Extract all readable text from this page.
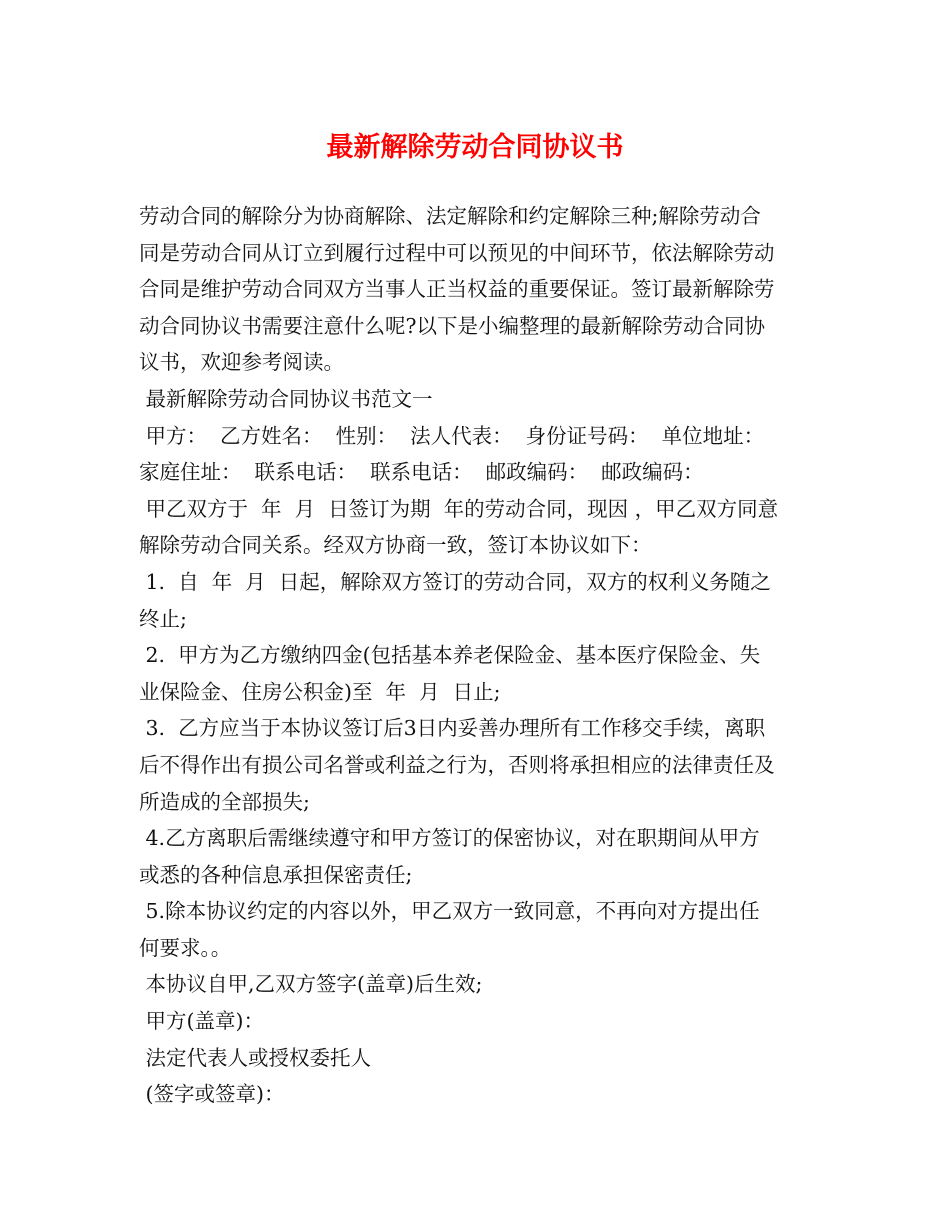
最新解除劳动合同协议书

劳动合同的解除分为协商解除、法定解除和约定解除三种;解除劳动合

同是劳动合同从订立到履行过程中可以预见的中间环节，依法解除劳动

合同是维护劳动合同双方当事人正当权益的重要保证。签订最新解除劳

动合同协议书需要注意什么呢?以下是小编整理的最新解除劳动合同协

议书，欢迎参考阅读。

最新解除劳动合同协议书范文一

甲方：  乙方姓名：  性别：  法人代表：  身份证号码：  单位地址：

家庭住址：  联系电话：  联系电话：  邮政编码：  邮政编码：

甲乙双方于  年  月  日签订为期  年的劳动合同，现因 ，甲乙双方同意

解除劳动合同关系。经双方协商一致，签订本协议如下：

1.  自  年  月  日起，解除双方签订的劳动合同，双方的权利义务随之

终止;

2.  甲方为乙方缴纳四金(包括基本养老保险金、基本医疗保险金、失

业保险金、住房公积金)至  年  月  日止;

3.  乙方应当于本协议签订后3日内妥善办理所有工作移交手续，离职

后不得作出有损公司名誉或利益之行为，否则将承担相应的法律责任及

所造成的全部损失;

4.乙方离职后需继续遵守和甲方签订的保密协议，对在职期间从甲方

或悉的各种信息承担保密责任;

5.除本协议约定的内容以外，甲乙双方一致同意，不再向对方提出任

何要求。。

本协议自甲,乙双方签字(盖章)后生效;

甲方(盖章)：

法定代表人或授权委托人

(签字或签章)：
